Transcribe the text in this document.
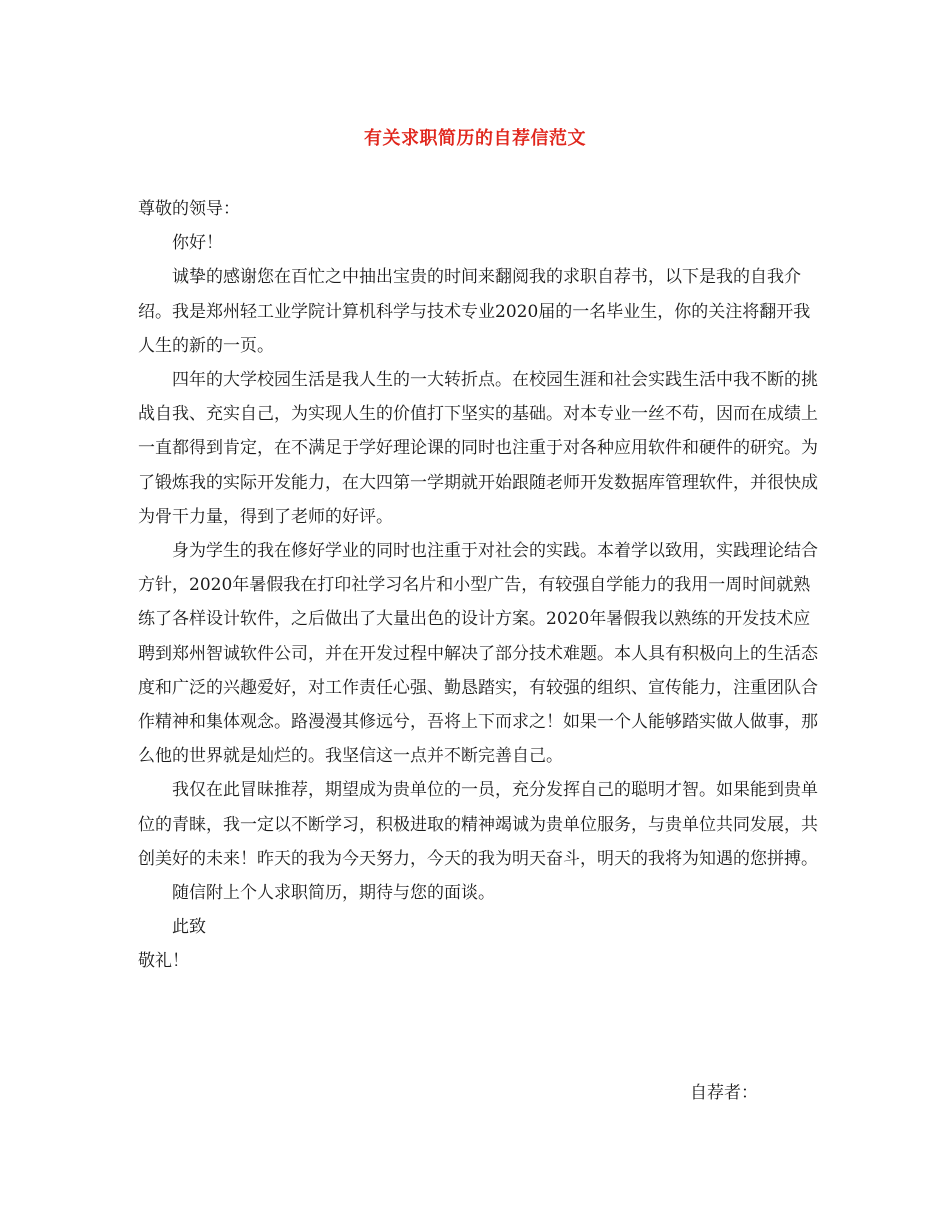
有关求职简历的自荐信范文

尊敬的领导：

你好！

诚挚的感谢您在百忙之中抽出宝贵的时间来翻阅我的求职自荐书，以下是我的自我介绍。我是郑州轻工业学院计算机科学与技术专业2020届的一名毕业生，你的关注将翻开我人生的新的一页。

四年的大学校园生活是我人生的一大转折点。在校园生涯和社会实践生活中我不断的挑战自我、充实自己，为实现人生的价值打下坚实的基础。对本专业一丝不苟，因而在成绩上一直都得到肯定，在不满足于学好理论课的同时也注重于对各种应用软件和硬件的研究。为了锻炼我的实际开发能力，在大四第一学期就开始跟随老师开发数据库管理软件，并很快成为骨干力量，得到了老师的好评。

身为学生的我在修好学业的同时也注重于对社会的实践。本着学以致用，实践理论结合方针，2020年暑假我在打印社学习名片和小型广告，有较强自学能力的我用一周时间就熟练了各样设计软件，之后做出了大量出色的设计方案。2020年暑假我以熟练的开发技术应聘到郑州智诚软件公司，并在开发过程中解决了部分技术难题。本人具有积极向上的生活态度和广泛的兴趣爱好，对工作责任心强、勤恳踏实，有较强的组织、宣传能力，注重团队合作精神和集体观念。路漫漫其修远兮，吾将上下而求之！如果一个人能够踏实做人做事，那么他的世界就是灿烂的。我坚信这一点并不断完善自己。

我仅在此冒昧推荐，期望成为贵单位的一员，充分发挥自己的聪明才智。如果能到贵单位的青睐，我一定以不断学习，积极进取的精神竭诚为贵单位服务，与贵单位共同发展，共创美好的未来！昨天的我为今天努力，今天的我为明天奋斗，明天的我将为知遇的您拼搏。

随信附上个人求职简历，期待与您的面谈。

此致

敬礼！

自荐者：
